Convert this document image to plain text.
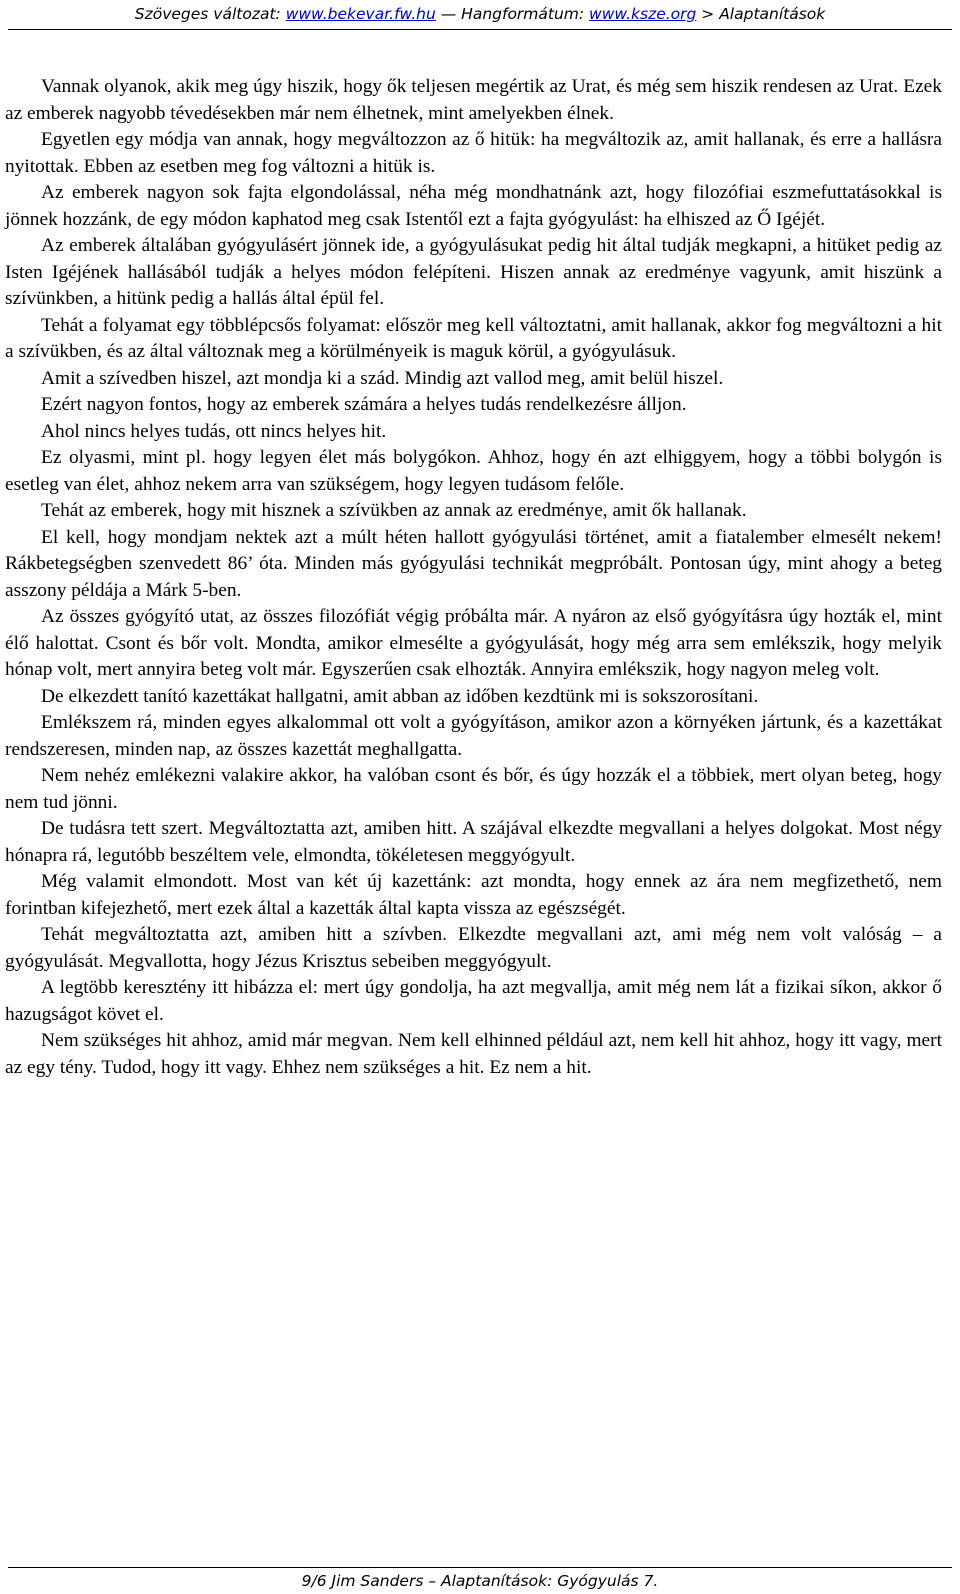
Szöveges változat: www.bekevar.fw.hu — Hangformátum: www.ksze.org > Alaptanítások

Vannak olyanok, akik meg úgy hiszik, hogy ők teljesen megértik az Urat, és még sem hiszik rendesen az Urat. Ezek az emberek nagyobb tévedésekben már nem élhetnek, mint amelyekben élnek.

Egyetlen egy módja van annak, hogy megváltozzon az ő hitük: ha megváltozik az, amit hallanak, és erre a hallásra nyitottak. Ebben az esetben meg fog változni a hitük is.

Az emberek nagyon sok fajta elgondolással, néha még mondhatnánk azt, hogy filozófiai eszmefuttatásokkal is jönnek hozzánk, de egy módon kaphatod meg csak Istentől ezt a fajta gyógyulást: ha elhiszed az Ő Igéjét.

Az emberek általában gyógyulásért jönnek ide, a gyógyulásukat pedig hit által tudják megkapni, a hitüket pedig az Isten Igéjének hallásából tudják a helyes módon felépíteni. Hiszen annak az eredménye vagyunk, amit hiszünk a szívünkben, a hitünk pedig a hallás által épül fel.

Tehát a folyamat egy többlépcsős folyamat: először meg kell változtatni, amit hallanak, akkor fog megváltozni a hit a szívükben, és az által változnak meg a körülményeik is maguk körül, a gyógyulásuk.

Amit a szívedben hiszel, azt mondja ki a szád. Mindig azt vallod meg, amit belül hiszel.

Ezért nagyon fontos, hogy az emberek számára a helyes tudás rendelkezésre álljon.

Ahol nincs helyes tudás, ott nincs helyes hit.

Ez olyasmi, mint pl. hogy legyen élet más bolygókon. Ahhoz, hogy én azt elhiggyem, hogy a többi bolygón is esetleg van élet, ahhoz nekem arra van szükségem, hogy legyen tudásom felőle.

Tehát az emberek, hogy mit hisznek a szívükben az annak az eredménye, amit ők hallanak.

El kell, hogy mondjam nektek azt a múlt héten hallott gyógyulási történet, amit a fiatalember elmesélt nekem! Rákbetegségben szenvedett 86’ óta. Minden más gyógyulási technikát megpróbált. Pontosan úgy, mint ahogy a beteg asszony példája a Márk 5-ben.

Az összes gyógyító utat, az összes filozófiát végig próbálta már. A nyáron az első gyógyításra úgy hozták el, mint élő halottat. Csont és bőr volt. Mondta, amikor elmesélte a gyógyulását, hogy még arra sem emlékszik, hogy melyik hónap volt, mert annyira beteg volt már. Egyszerűen csak elhozták. Annyira emlékszik, hogy nagyon meleg volt.

De elkezdett tanító kazettákat hallgatni, amit abban az időben kezdtünk mi is sokszorosítani.

Emlékszem rá, minden egyes alkalommal ott volt a gyógyításon, amikor azon a környéken jártunk, és a kazettákat rendszeresen, minden nap, az összes kazettát meghallgatta.

Nem nehéz emlékezni valakire akkor, ha valóban csont és bőr, és úgy hozzák el a többiek, mert olyan beteg, hogy nem tud jönni.

De tudásra tett szert. Megváltoztatta azt, amiben hitt. A szájával elkezdte megvallani a helyes dolgokat. Most négy hónapra rá, legutóbb beszéltem vele, elmondta, tökéletesen meggyógyult.

Még valamit elmondott. Most van két új kazettánk: azt mondta, hogy ennek az ára nem megfizethető, nem forintban kifejezhető, mert ezek által a kazetták által kapta vissza az egészségét.

Tehát megváltoztatta azt, amiben hitt a szívben. Elkezdte megvallani azt, ami még nem volt valóság – a gyógyulását. Megvallotta, hogy Jézus Krisztus sebeiben meggyógyult.

A legtöbb keresztény itt hibázza el: mert úgy gondolja, ha azt megvallja, amit még nem lát a fizikai síkon, akkor ő hazugságot követ el.

Nem szükséges hit ahhoz, amid már megvan. Nem kell elhinned például azt, nem kell hit ahhoz, hogy itt vagy, mert az egy tény. Tudod, hogy itt vagy. Ehhez nem szükséges a hit. Ez nem a hit.

9/6 Jim Sanders – Alaptanítások: Gyógyulás 7.
